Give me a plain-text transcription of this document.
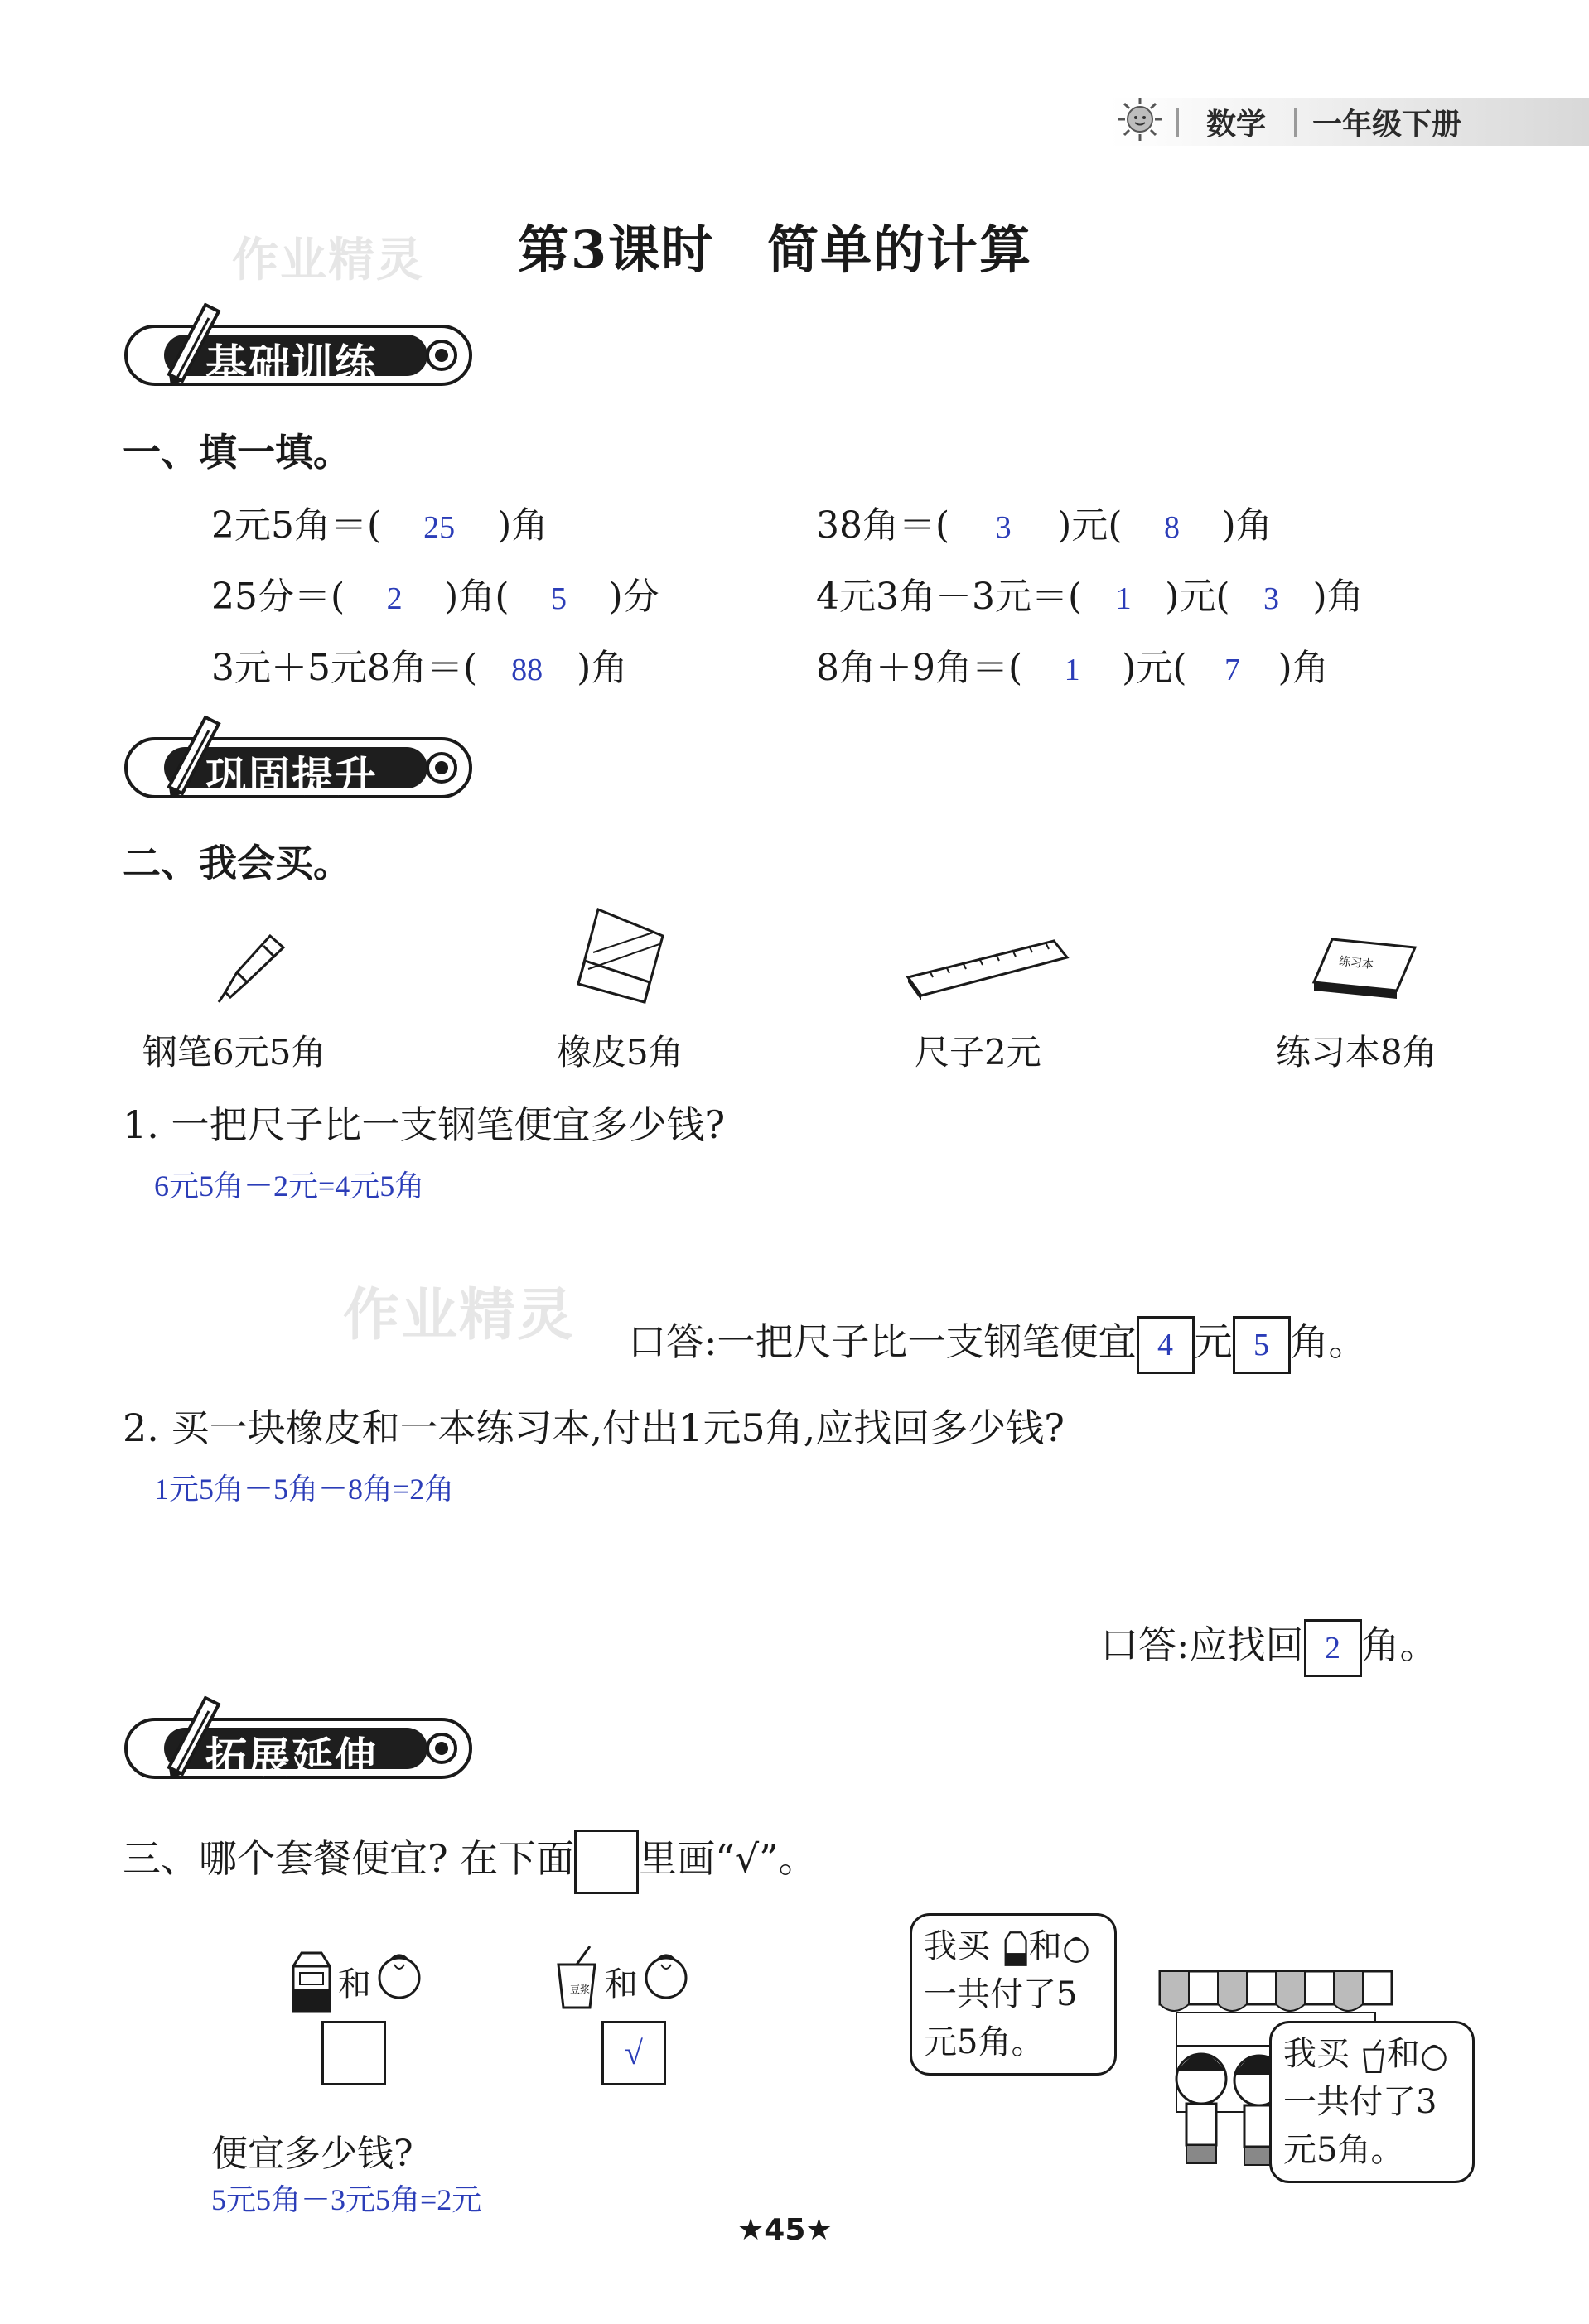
数学 一年级下册
作业精灵 第3课时　简单的计算
基础训练
一、填一填。
2元5角＝( 25 )角	38角＝( 3 )元( 8 )角
25分＝( 2 )角( 5 )分	4元3角－3元＝( 1 )元( 3 )角
3元＋5元8角＝( 88 )角	8角＋9角＝( 1 )元( 7 )角
巩固提升
二、我会买。
练习本
钢笔6元5角	橡皮5角	尺子2元	练习本8角
1. 一把尺子比一支钢笔便宜多少钱?
6元5角－2元=4元5角
作业精灵 口答:一把尺子比一支钢笔便宜 4 元 5 角。
2. 买一块橡皮和一本练习本,付出1元5角,应找回多少钱?
1元5角－5角－8角=2角
口答:应找回 2 角。
拓展延伸
三、哪个套餐便宜? 在下面 里画“√”。
和	豆浆 和
√
便宜多少钱?
5元5角－3元5角=2元
我买 和
一共付了5
元5角。	我买 和
一共付了3
元5角。
★45★
